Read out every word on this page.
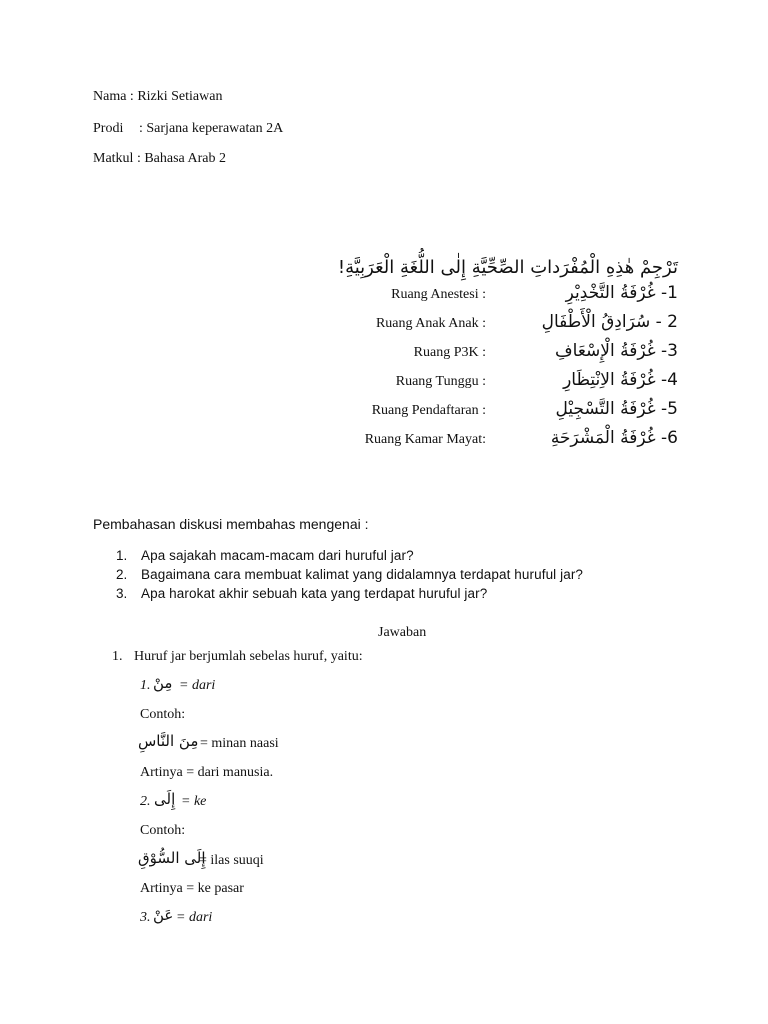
Nama : Rizki Setiawan
Prodi : Sarjana keperawatan 2A
Matkul : Bahasa Arab 2
تَرْجِمْ هٰذِهِ الْمُفْرَداتِ الصِّحِّيَّةِ إِلٰى اللُّغَةِ الْعَرَبِيَّةِ!
Ruang Anestesi :	1- غُرْفَةُ التَّخْدِيْرِ
Ruang Anak Anak :	2 - سُرَادِقُ الْأَطْفَالِ
Ruang P3K :	3- غُرْفَةُ الْإِسْعَافِ
Ruang Tunggu :	4- غُرْفَةُ الاِنْتِظَارِ
Ruang Pendaftaran :	5- غُرْفَةُ التَّسْجِيْلِ
Ruang Kamar Mayat:	6- غُرْفَةُ الْمَشْرَحَةِ
Pembahasan diskusi membahas mengenai :
1. Apa sajakah macam-macam dari huruful jar?
2. Bagaimana cara membuat kalimat yang didalamnya terdapat huruful jar?
3. Apa harokat akhir sebuah kata yang terdapat huruful jar?
Jawaban
1. Huruf jar berjumlah sebelas huruf, yaitu:
1. مِنْ = dari
Contoh:
مِنَ النَّاسِ = minan naasi
Artinya = dari manusia.
2. إِلَى = ke
Contoh:
إِلَى السُّوْقِ
= ilas suuqi
Artinya = ke pasar
3. عَنْ = dari
